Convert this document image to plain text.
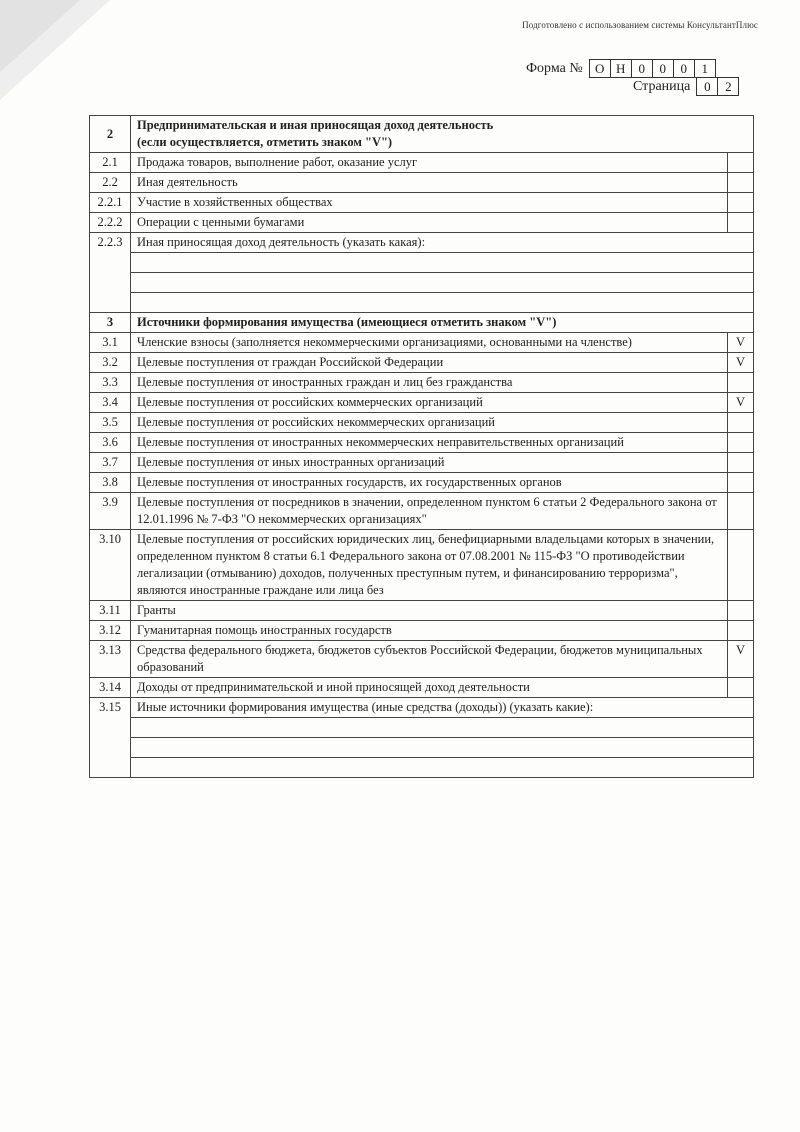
Подготовлено с использованием системы КонсультантПлюс
Форма № О Н	0	0	0	1
Страница	0	2
2	Предпринимательская и иная приносящая доход деятельность
(если осуществляется, отметить знаком "V")	

2.1	Продажа товаров, выполнение работ, оказание услуг	
2.2	Иная деятельность	
2.2.1	Участие в хозяйственных обществах	
2.2.2	Операции с ценными бумагами	
2.2.3	Иная приносящая доход деятельность (указать какая):	

3	Источники формирования имущества (имеющиеся отметить знаком "V")	
3.1	Членские взносы (заполняется некоммерческими организациями, основанными на членстве)	V
3.2	Целевые поступления от граждан Российской Федерации	V
3.3	Целевые поступления от иностранных граждан и лиц без гражданства	
3.4	Целевые поступления от российских коммерческих организаций	V
3.5	Целевые поступления от российских некоммерческих организаций	
3.6	Целевые поступления от иностранных некоммерческих неправительственных организаций	
3.7	Целевые поступления от иных иностранных организаций	
3.8	Целевые поступления от иностранных государств, их государственных органов	
3.9	Целевые поступления от посредников в значении, определенном пунктом 6 статьи 2 Федерального закона от 12.01.1996 № 7-ФЗ "О некоммерческих организациях"	
3.10	Целевые поступления от российских юридических лиц, бенефициарными владельцами которых в значении, определенном пунктом 8 статьи 6.1 Федерального закона от 07.08.2001 № 115-ФЗ "О противодействии легализации (отмыванию) доходов, полученных преступным путем, и финансированию терроризма", являются иностранные граждане или лица без	
3.11	Гранты	
3.12	Гуманитарная помощь иностранных государств	
3.13	Средства федерального бюджета, бюджетов субъектов Российской Федерации, бюджетов муниципальных образований	V
3.14	Доходы от предпринимательской и иной приносящей доход деятельности	
3.15	Иные источники формирования имущества (иные средства (доходы)) (указать какие):	
